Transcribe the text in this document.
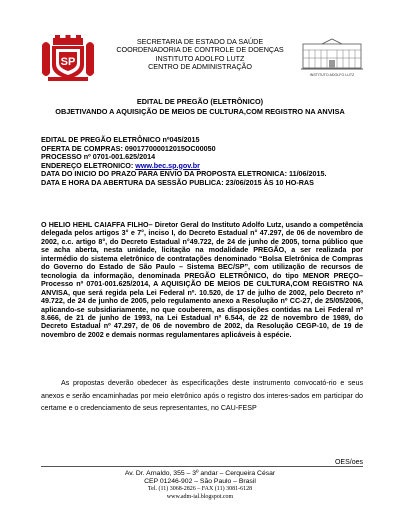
SP
SECRETARIA DE ESTADO DA SAÚDE
COORDENADORIA DE CONTROLE DE DOENÇAS
INSTITUTO ADOLFO LUTZ
CENTRO DE ADMINISTRAÇÃO
INSTITUTO ADOLFO LUTZ
EDITAL DE PREGÃO (ELETRÔNICO)
OBJETIVANDO A AQUISIÇÃO DE MEIOS DE CULTURA,COM REGISTRO NA ANVISA
EDITAL DE PREGÃO ELETRÔNICO nº045/2015
OFERTA DE COMPRAS: 090177000012015OC00050
PROCESSO nº 0701-001.625/2014
ENDEREÇO ELETRONICO: www.bec.sp.gov.br
DATA DO INICIO DO PRAZO PARA ENVIO DA PROPOSTA ELETRONICA: 11/06/2015.
DATA E HORA DA ABERTURA DA SESSÃO PUBLICA: 23/06/2015 ÀS 10 HO-RAS
O HELIO HEHL CAIAFFA FILHO– Diretor Geral do Instituto Adolfo Lutz, usando a competência delegada pelos artigos 3° e 7°, inciso I, do Decreto Estadual n° 47.297, de 06 de novembro de 2002, c.c. artigo 8°, do Decreto Estadual n°49.722, de 24 de junho de 2005, torna público que se acha aberta, nesta unidade, licitação na modalidade PREGÃO, a ser realizada por intermédio do sistema eletrônico de contratações denominado “Bolsa Eletrônica de Compras do Governo do Estado de São Paulo – Sistema BEC/SP”, com utilização de recursos de tecnologia da informação, denominada PREGÃO ELETRÔNICO, do tipo MENOR PREÇO– Processo nº 0701-001.625/2014, A AQUISIÇÃO DE MEIOS DE CULTURA,COM REGISTRO NA ANVISA, que será regida pela Lei Federal nº. 10.520, de 17 de julho de 2002, pelo Decreto nº 49.722, de 24 de junho de 2005, pelo regulamento anexo a Resolução nº CC-27, de 25/05/2006, aplicando-se subsidiariamente, no que couberem, as disposições contidas na Lei Federal nº 8.666, de 21 de junho de 1993, na Lei Estadual nº 6.544, de 22 de novembro de 1989, do Decreto Estadual nº 47.297, de 06 de novembro de 2002, da Resolução CEGP-10, de 19 de novembro de 2002 e demais normas regulamentares aplicáveis à espécie.
As propostas deverão obedecer às especificações deste instrumento convocató-rio e seus anexos e serão encaminhadas por meio eletrônico após o registro dos interes-sados em participar do certame e o credenciamento de seus representantes, no CAU-FESP
OES/oes
Av. Dr. Arnaldo, 355 – 3º andar – Cerqueira César
CEP 01246-902 – São Paulo – Brasil
Tel. (11) 3068-2826 – FAX (11) 3081-6128
www.adm-ial.blogspot.com
